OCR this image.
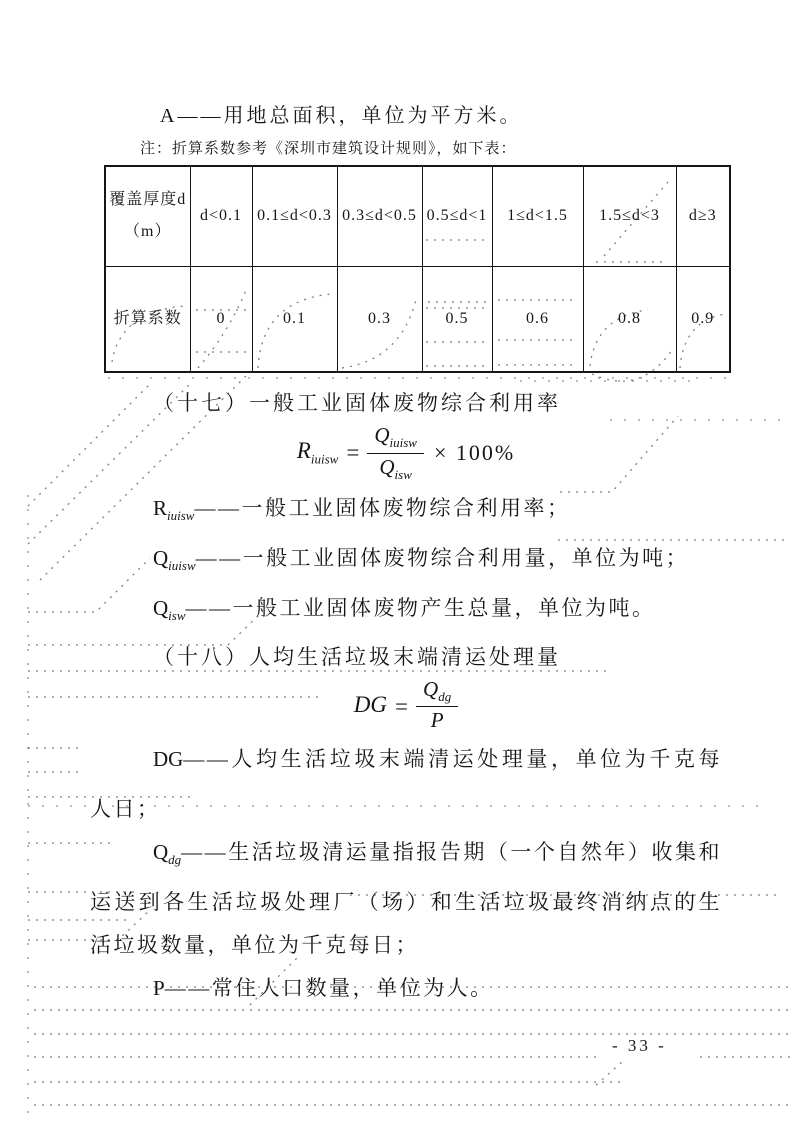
A——用地总面积，单位为平方米。

注：折算系数参考《深圳市建筑设计规则》，如下表：

覆盖厚度d（m）	d<0.1	0.1≤d<0.3	0.3≤d<0.5	0.5≤d<1	1≤d<1.5	1.5≤d<3	d≥3
折算系数	0	0.1	0.3	0.5	0.6	0.8	0.9

（十七）一般工业固体废物综合利用率

$R_{iuisw} = \frac{Q_{iuisw}}{Q_{isw}} \times 100\%$

$R_{iuisw}——$一般工业固体废物综合利用率；

$Q_{iuisw}——$一般工业固体废物综合利用量，单位为吨；

$Q_{isw}——$一般工业固体废物产生总量，单位为吨。

（十八）人均生活垃圾末端清运处理量

DG = $\frac{Q_{dg}}{P}$

DG——人均生活垃圾末端清运处理量，单位为千克每人日；

$Q_{dg}——$生活垃圾清运量指报告期（一个自然年）收集和运送到各生活垃圾处理厂（场）和生活垃圾最终消纳点的生活垃圾数量，单位为千克每日；

P——常住人口数量，单位为人。

- 33 -
